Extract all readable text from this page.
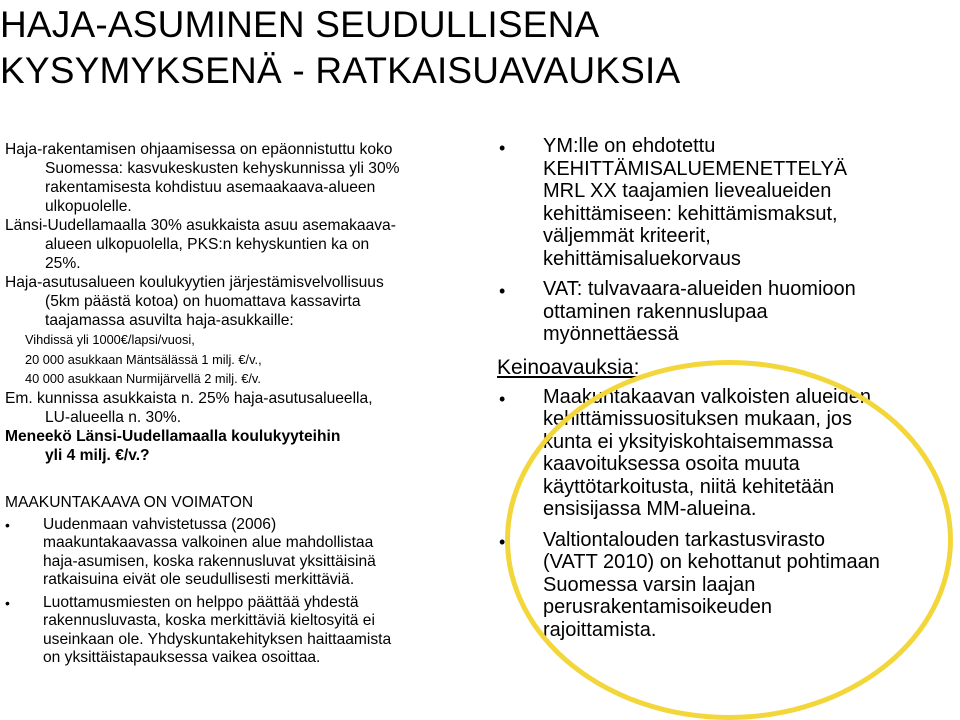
HAJA-ASUMINEN SEUDULLISENA
KYSYMYKSENÄ - RATKAISUAVAUKSIA

Haja-rakentamisen ohjaamisessa on epäonnistuttu koko
Suomessa: kasvukeskusten kehyskunnissa yli 30%
rakentamisesta kohdistuu asemaakaava-alueen
ulkopuolelle.

Länsi-Uudellamaalla 30% asukkaista asuu asemakaava-
alueen ulkopuolella, PKS:n kehyskuntien ka on
25%.

Haja-asutusalueen koulukyytien järjestämisvelvollisuus
(5km päästä kotoa) on huomattava kassavirta
taajamassa asuvilta haja-asukkaille:

Vihdissä yli 1000€/lapsi/vuosi,
20 000 asukkaan Mäntsälässä 1 milj. €/v.,
40 000 asukkaan Nurmijärvellä 2 milj. €/v.

Em. kunnissa asukkaista n. 25% haja-asutusalueella,
LU-alueella n. 30%.

Meneekö Länsi-Uudellamaalla koulukyyteihin
yli 4 milj. €/v.?

MAAKUNTAKAAVA ON VOIMATON
• Uudenmaan vahvistetussa (2006)
maakuntakaavassa valkoinen alue mahdollistaa
haja-asumisen, koska rakennusluvat yksittäisinä
ratkaisuina eivät ole seudullisesti merkittäviä.
• Luottamusmiesten on helppo päättää yhdestä
rakennusluvasta, koska merkittäviä kieltosyitä ei
useinkaan ole. Yhdyskuntakehityksen haittaamista
on yksittäistapauksessa vaikea osoittaa.
• YM:lle on ehdotettu
KEHITTÄMISALUEMENETTELYÄ
MRL XX taajamien lievealueiden
kehittämiseen: kehittämismaksut,
väljemmät kriteerit,
kehittämisaluekorvaus
• VAT: tulvavaara-alueiden huomioon
ottaminen rakennuslupaa
myönnettäessä
Keinoavauksia:
• Maakuntakaavan valkoisten alueiden
kehittämissuosituksen mukaan, jos
kunta ei yksityiskohtaisemmassa
kaavoituksessa osoita muuta
käyttötarkoitusta, niitä kehitetään
ensisijassa MM-alueina.
• Valtiontalouden tarkastusvirasto
(VATT 2010) on kehottanut pohtimaan
Suomessa varsin laajan
perusrakentamisoikeuden
rajoittamista.
